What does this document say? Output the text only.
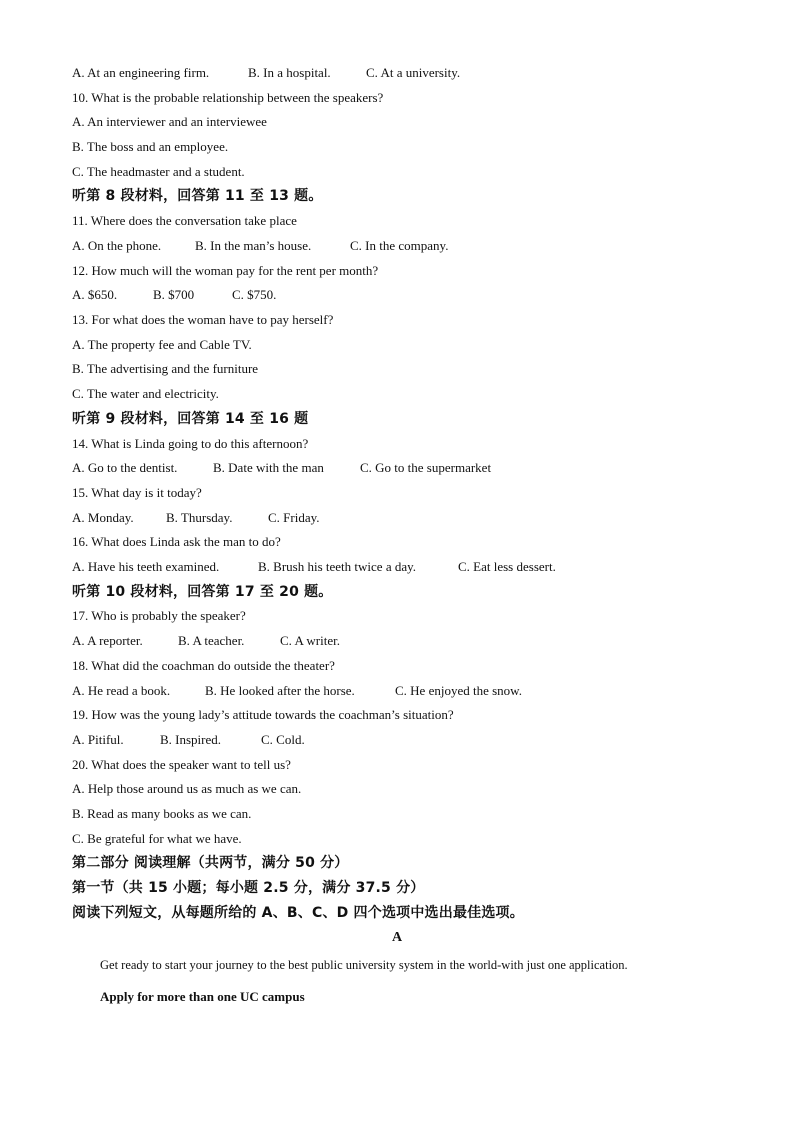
A. At an engineering firm.	B. In a hospital.	C. At a university.
10. What is the probable relationship between the speakers?
A. An interviewer and an interviewee
B. The boss and an employee.
C. The headmaster and a student.
听第 8 段材料，回答第 11 至 13 题。
11. Where does the conversation take place
A. On the phone.	B. In the man’s house.	C. In the company.
12. How much will the woman pay for the rent per month?
A. $650.	B. $700	C. $750.
13. For what does the woman have to pay herself?
A. The property fee and Cable TV.
B. The advertising and the furniture
C. The water and electricity.
听第 9 段材料，回答第 14 至 16 题
14. What is Linda going to do this afternoon?
A. Go to the dentist.	B. Date with the man	C. Go to the supermarket
15. What day is it today?
A. Monday. B. Thursday.	C. Friday.
16. What does Linda ask the man to do?
A. Have his teeth examined.	B. Brush his teeth twice a day.	C. Eat less dessert.
听第 10 段材料，回答第 17 至 20 题。
17. Who is probably the speaker?
A. A reporter.	B. A teacher.	C. A writer.
18. What did the coachman do outside the theater?
A. He read a book.	B. He looked after the horse.	C. He enjoyed the snow.
19. How was the young lady’s attitude towards the coachman’s situation?
A. Pitiful.	B. Inspired.	C. Cold.
20. What does the speaker want to tell us?
A. Help those around us as much as we can.
B. Read as many books as we can.
C. Be grateful for what we have.
第二部分 阅读理解（共两节，满分 50 分）
第一节（共 15 小题；每小题 2.5 分，满分 37.5 分）
阅读下列短文，从每题所给的 A、B、C、D 四个选项中选出最佳选项。
A
Get ready to start your journey to the best public university system in the world-with just one application.
Apply for more than one UC campus
